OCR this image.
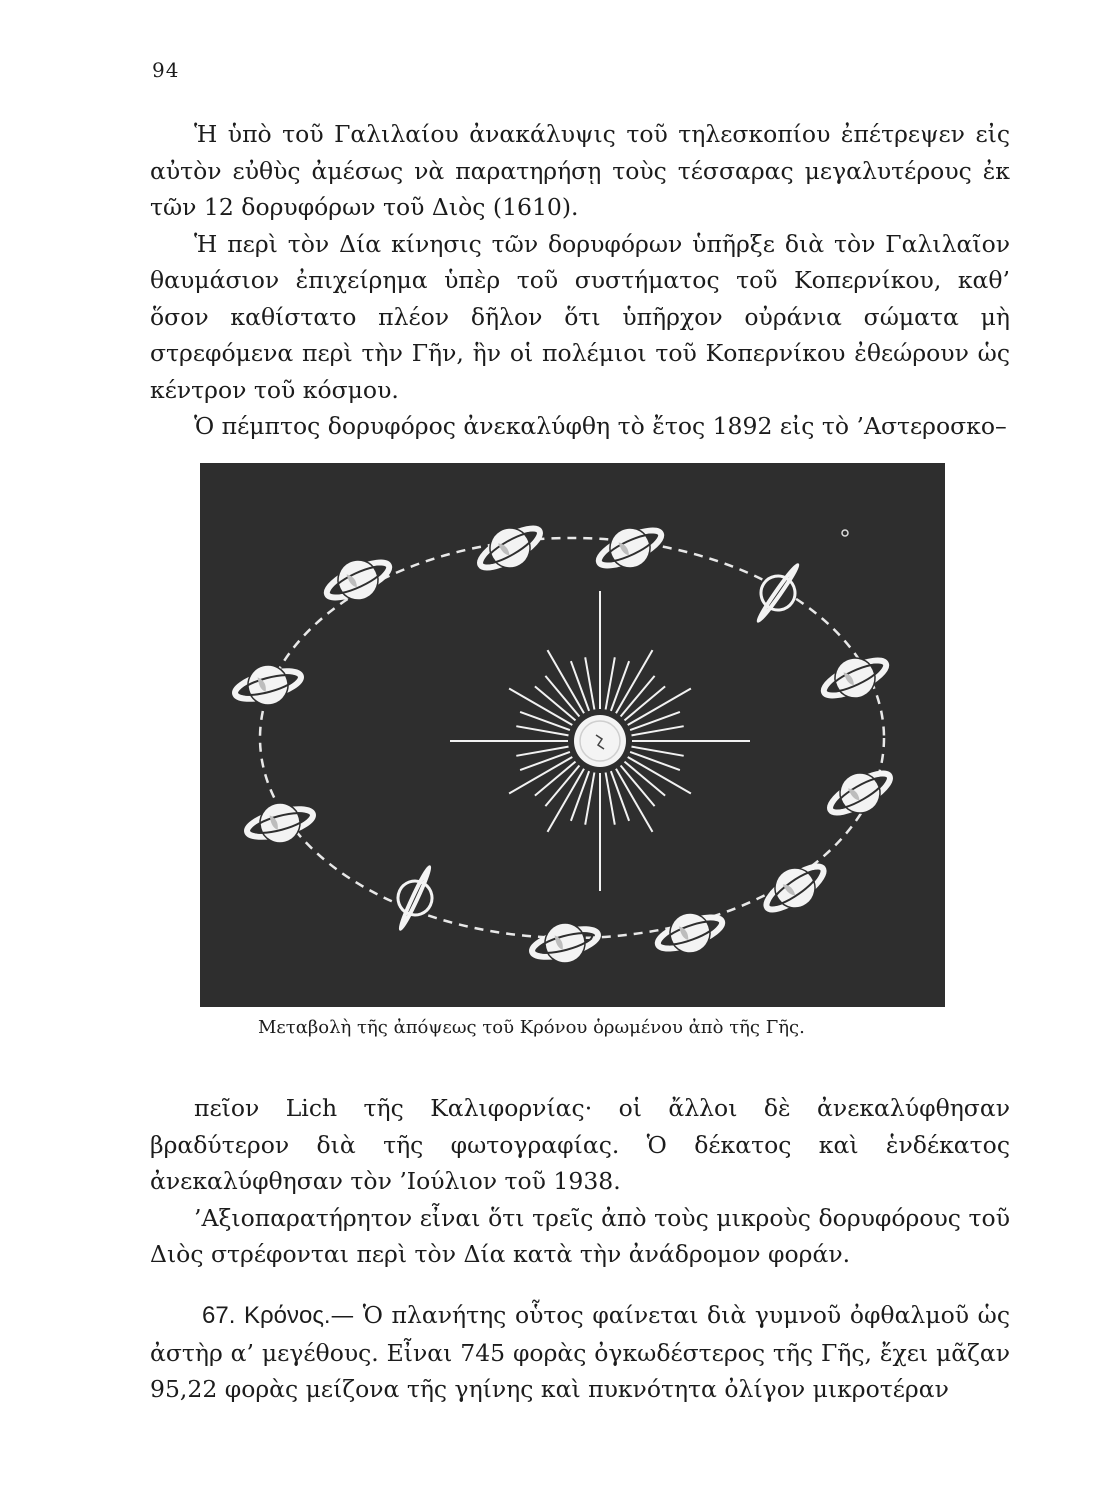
94

Ἡ ὑπὸ τοῦ Γαλιλαίου ἀνακάλυψις τοῦ τηλεσκοπίου ἐπέτρεψεν εἰς αὐτὸν εὐθὺς ἀμέσως νὰ παρατηρήσῃ τοὺς τέσσαρας μεγαλυτέρους ἐκ τῶν 12 δορυφόρων τοῦ Διὸς (1610).

Ἡ περὶ τὸν Δία κίνησις τῶν δορυφόρων ὑπῆρξε διὰ τὸν Γαλιλαῖον θαυμάσιον ἐπιχείρημα ὑπὲρ τοῦ συστήματος τοῦ Κοπερνίκου, καθ’ ὅσον καθίστατο πλέον δῆλον ὅτι ὑπῆρχον οὐράνια σώματα μὴ στρεφόμενα περὶ τὴν Γῆν, ἣν οἱ πολέμιοι τοῦ Κοπερνίκου ἐθεώρουν ὡς κέντρον τοῦ κόσμου.

Ὁ πέμπτος δορυφόρος ἀνεκαλύφθη τὸ ἔτος 1892 εἰς τὸ ’Αστεροσκο–

Μεταβολὴ τῆς ἀπόψεως τοῦ Κρόνου ὁρωμένου ἀπὸ τῆς Γῆς.

πεῖον Lich τῆς Καλιφορνίας· οἱ ἄλλοι δὲ ἀνεκαλύφθησαν βραδύτερον διὰ τῆς φωτογραφίας. Ὁ δέκατος καὶ ἑνδέκατος ἀνεκαλύφθησαν τὸν ’Ιούλιον τοῦ 1938.

’Αξιοπαρατήρητον εἶναι ὅτι τρεῖς ἀπὸ τοὺς μικροὺς δορυφόρους τοῦ Διὸς στρέφονται περὶ τὸν Δία κατὰ τὴν ἀνάδρομον φοράν.

67. Κρόνος.— Ὁ πλανήτης οὗτος φαίνεται διὰ γυμνοῦ ὀφθαλμοῦ ὡς ἀστὴρ α’ μεγέθους. Εἶναι 745 φορὰς ὀγκωδέστερος τῆς Γῆς, ἔχει μᾶζαν 95,22 φορὰς μείζονα τῆς γηίνης καὶ πυκνότητα ὀλίγον μικροτέραν
